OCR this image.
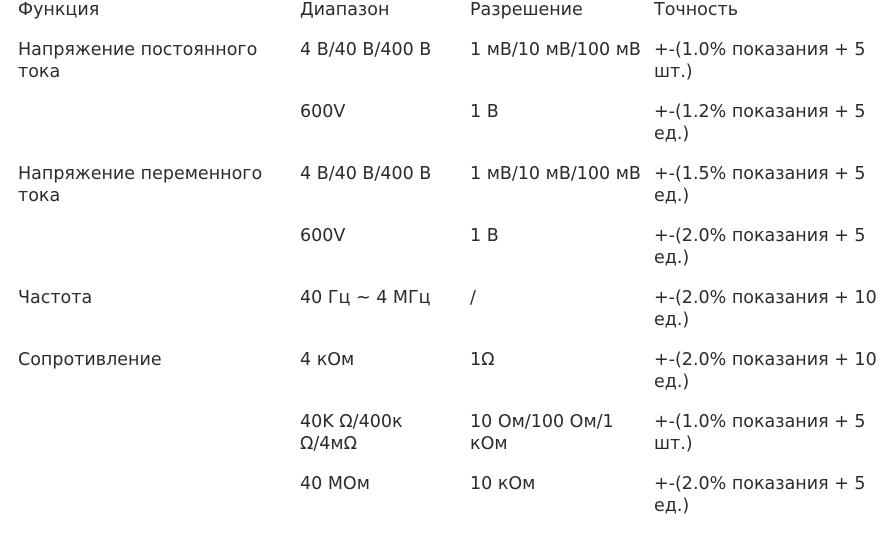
Функция	Диапазон	Разрешение	Точность
Напряжение постоянного тока	4 В/40 В/400 В	1 мВ/10 мВ/100 мВ	+-(1.0% показания + 5 шт.)
	600V	1 В	+-(1.2% показания + 5 ед.)
Напряжение переменного тока	4 В/40 В/400 В	1 мВ/10 мВ/100 мВ	+-(1.5% показания + 5 ед.)
	600V	1 В	+-(2.0% показания + 5 ед.)
Частота	40 Гц ~ 4 МГц	/	+-(2.0% показания + 10 ед.)
Сопротивление	4 кОм	1Ω	+-(2.0% показания + 10 ед.)
	40K Ω/400к Ω/4мΩ	10 Ом/100 Ом/1 кОм	+-(1.0% показания + 5 шт.)
	40 МОм	10 кОм	+-(2.0% показания + 5 ед.)
